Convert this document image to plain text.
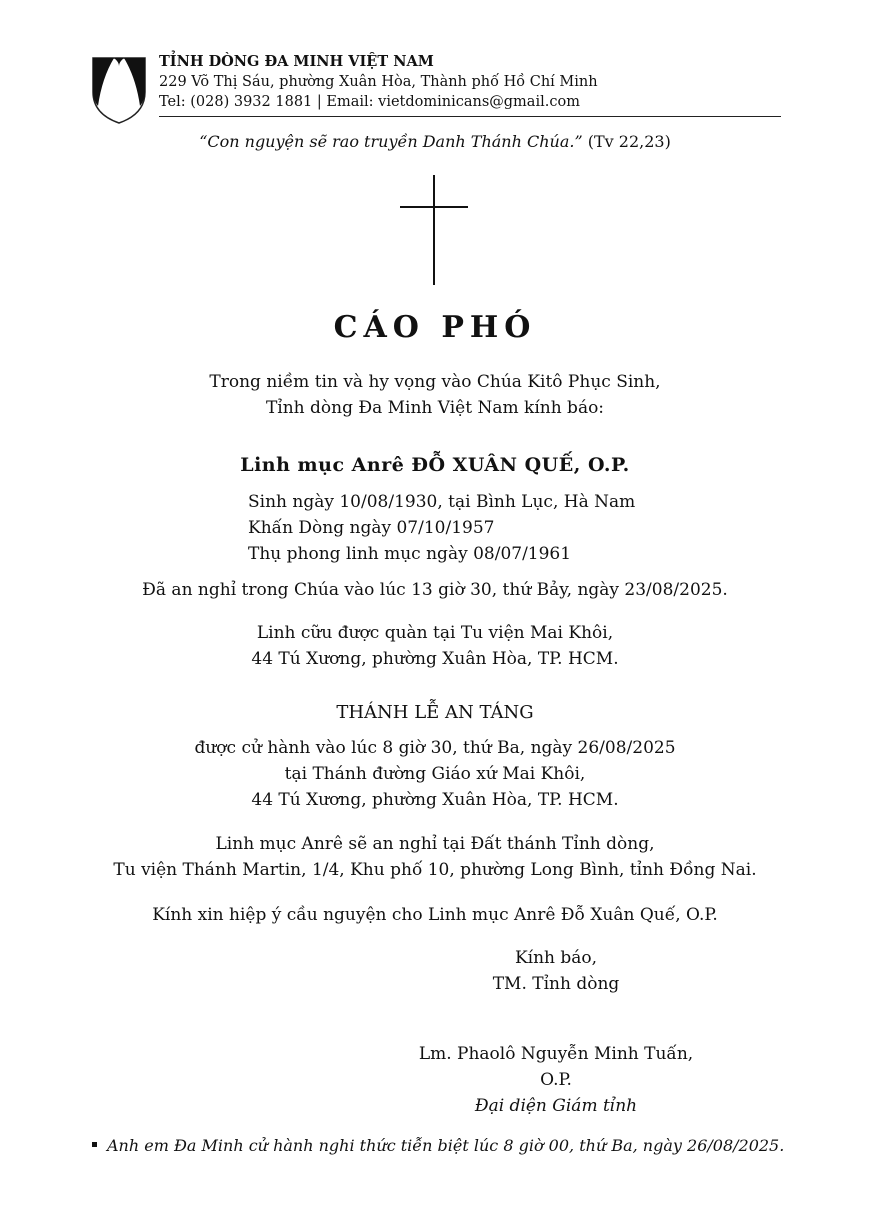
TỈNH DÒNG ĐA MINH VIỆT NAM
229 Võ Thị Sáu, phường Xuân Hòa, Thành phố Hồ Chí Minh
Tel: (028) 3932 1881 | Email: vietdominicans@gmail.com
“Con nguyện sẽ rao truyền Danh Thánh Chúa.” (Tv 22,23)
CÁO PHÓ
Trong niềm tin và hy vọng vào Chúa Kitô Phục Sinh,
Tỉnh dòng Đa Minh Việt Nam kính báo:
Linh mục Anrê ĐỖ XUÂN QUẾ, O.P.
Sinh ngày 10/08/1930, tại Bình Lục, Hà Nam
Khấn Dòng ngày 07/10/1957
Thụ phong linh mục ngày 08/07/1961
Đã an nghỉ trong Chúa vào lúc 13 giờ 30, thứ Bảy, ngày 23/08/2025.
Linh cữu được quàn tại Tu viện Mai Khôi,
44 Tú Xương, phường Xuân Hòa, TP. HCM.
THÁNH LỄ AN TÁNG
được cử hành vào lúc 8 giờ 30, thứ Ba, ngày 26/08/2025
tại Thánh đường Giáo xứ Mai Khôi,
44 Tú Xương, phường Xuân Hòa, TP. HCM.
Linh mục Anrê sẽ an nghỉ tại Đất thánh Tỉnh dòng,
Tu viện Thánh Martin, 1/4, Khu phố 10, phường Long Bình, tỉnh Đồng Nai.
Kính xin hiệp ý cầu nguyện cho Linh mục Anrê Đỗ Xuân Quế, O.P.
Kính báo,
TM. Tỉnh dòng
Lm. Phaolô Nguyễn Minh Tuấn, O.P.
Đại diện Giám tỉnh
Anh em Đa Minh cử hành nghi thức tiễn biệt lúc 8 giờ 00, thứ Ba, ngày 26/08/2025.
